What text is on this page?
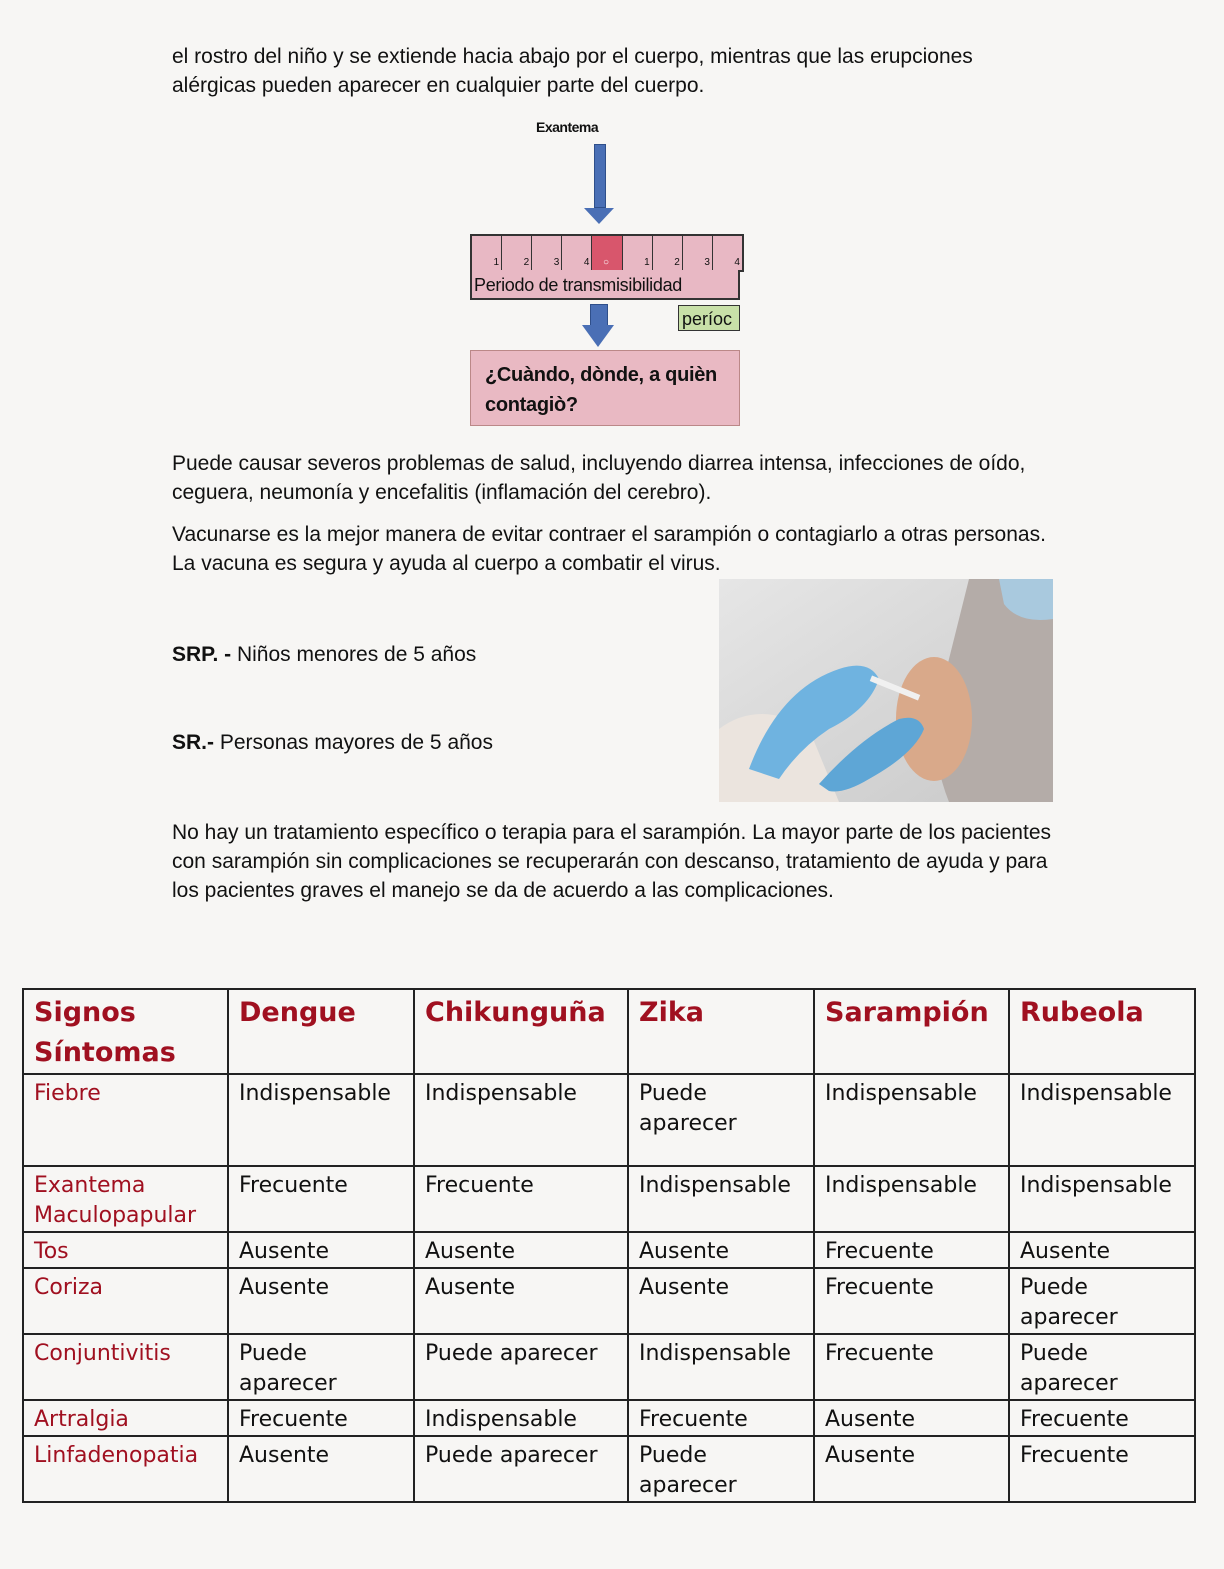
el rostro del niño y se extiende hacia abajo por el cuerpo, mientras que las erupciones alérgicas pueden aparecer en cualquier parte del cuerpo.

Exantema
1	2	3	4	○	1	2	3	4
Periodo de transmisibilidad
períoc
¿Cuàndo, dònde, a quièn contagiò?

Puede causar severos problemas de salud, incluyendo diarrea intensa, infecciones de oído, ceguera, neumonía y encefalitis (inflamación del cerebro).

Vacunarse es la mejor manera de evitar contraer el sarampión o contagiarlo a otras personas. La vacuna es segura y ayuda al cuerpo a combatir el virus.

SRP. - Niños menores de 5 años
SR.- Personas mayores de 5 años

No hay un tratamiento específico o terapia para el sarampión. La mayor parte de los pacientes con sarampión sin complicaciones se recuperarán con descanso, tratamiento de ayuda y para los pacientes graves el manejo se da de acuerdo a las complicaciones.

Signos Síntomas	Dengue	Chikunguña	Zika	Sarampión	Rubeola
Fiebre	Indispensable	Indispensable	Puede aparecer	Indispensable	Indispensable
Exantema Maculopapular	Frecuente	Frecuente	Indispensable	Indispensable	Indispensable
Tos	Ausente	Ausente	Ausente	Frecuente	Ausente
Coriza	Ausente	Ausente	Ausente	Frecuente	Puede aparecer
Conjuntivitis	Puede aparecer	Puede aparecer	Indispensable	Frecuente	Puede aparecer
Artralgia	Frecuente	Indispensable	Frecuente	Ausente	Frecuente
Linfadenopatia	Ausente	Puede aparecer	Puede aparecer	Ausente	Frecuente
